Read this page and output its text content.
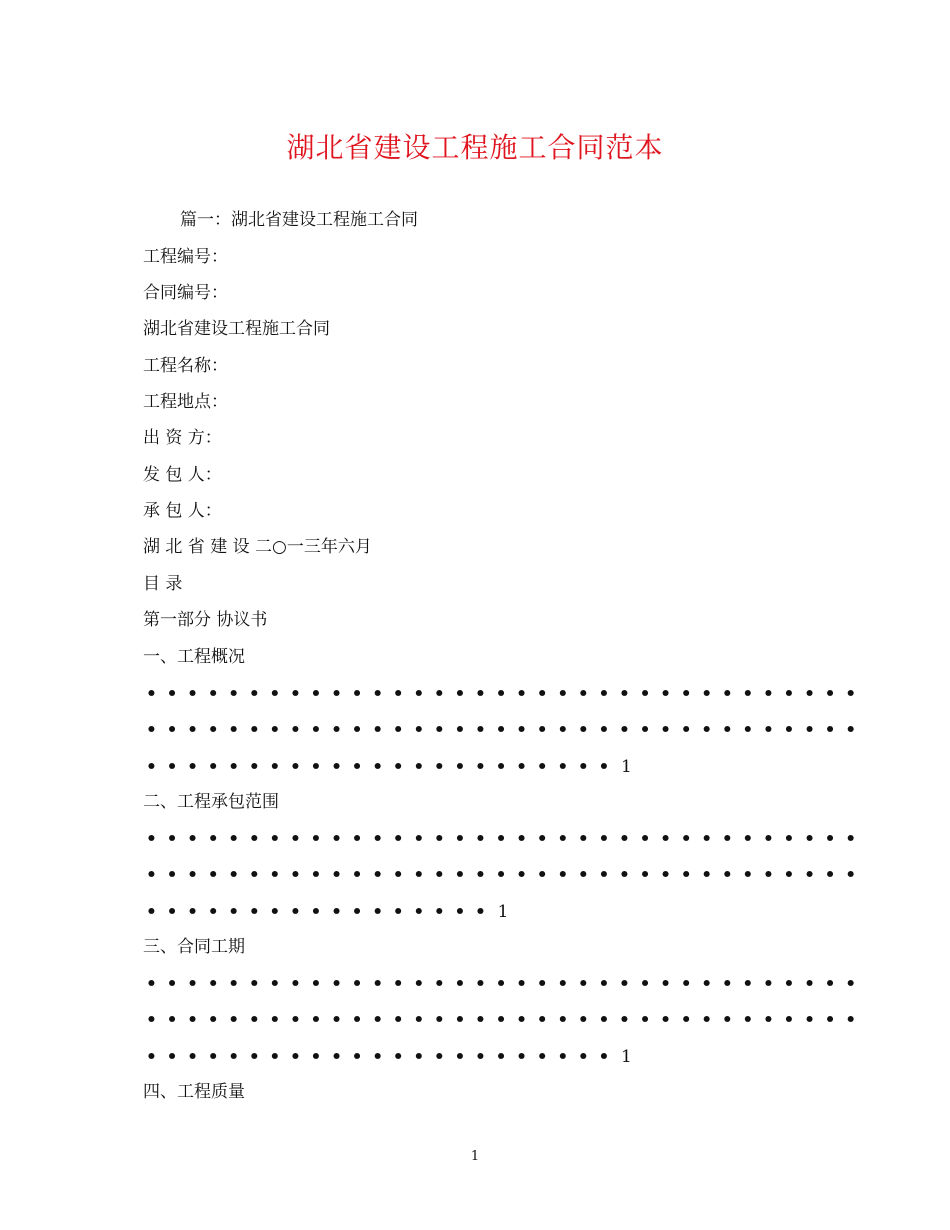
湖北省建设工程施工合同范本
篇一：湖北省建设工程施工合同
工程编号：
合同编号：
湖北省建设工程施工合同
工程名称：
工程地点：
出 资 方：
发 包 人：
承 包 人：
湖 北 省 建 设 二○一三年六月
目 录
第一部分 协议书
一、工程概况
•••••••••••••••••••••••••••••••••••
•••••••••••••••••••••••••••••••••••
••••••••••••••••••••••• 1
二、工程承包范围
•••••••••••••••••••••••••••••••••••
•••••••••••••••••••••••••••••••••••
••••••••••••••••• 1
三、合同工期
•••••••••••••••••••••••••••••••••••
•••••••••••••••••••••••••••••••••••
••••••••••••••••••••••• 1
四、工程质量
1
